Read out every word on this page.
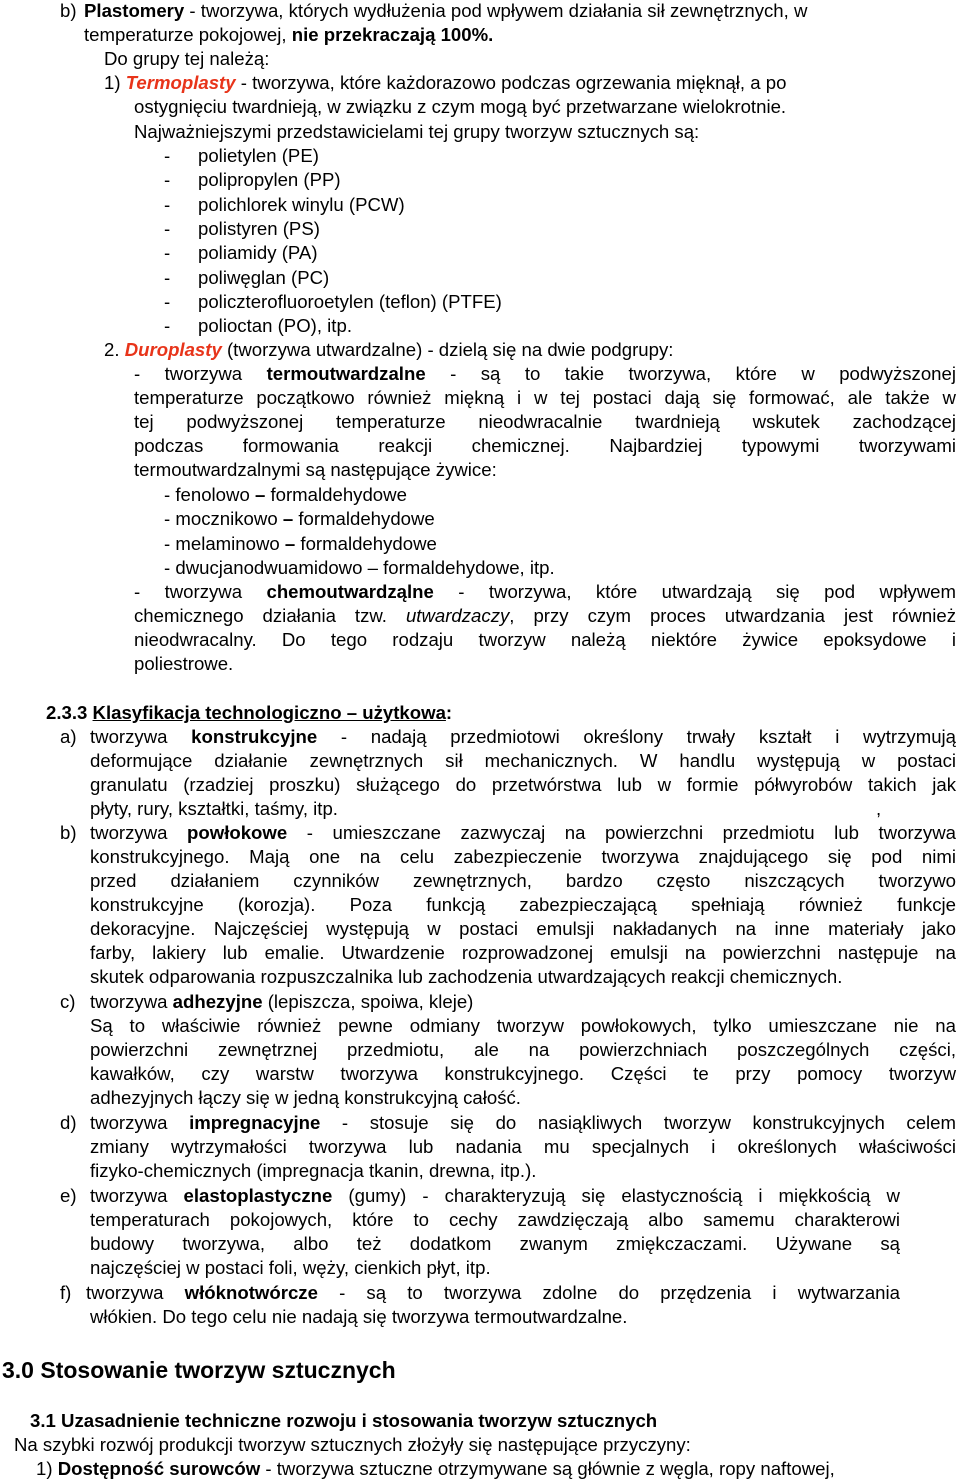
b) Plastomery - tworzywa, których wydłużenia pod wpływem działania sił zewnętrznych, w
temperaturze pokojowej, nie przekraczają 100%.
Do grupy tej należą:
1) Termoplasty - tworzywa, które każdorazowo podczas ogrzewania mięknął, a po
ostygnięciu twardnieją, w związku z czym mogą być przetwarzane wielokrotnie.
Najważniejszymi przedstawicielami tej grupy tworzyw sztucznych są:
- polietylen (PE)
- polipropylen (PP)
- polichlorek winylu (PCW)
- polistyren (PS)
- poliamidy (PA)
- poliwęglan (PC)
- policzterofluoroetylen (teflon) (PTFE)
- polioctan (PO), itp.
2. Duroplasty (tworzywa utwardzalne) - dzielą się na dwie podgrupy:
- tworzywa termoutwardzalne - są to takie tworzywa, które w podwyższonej
temperaturze początkowo również miękną i w tej postaci dają się formować, ale także w
tej podwyższonej temperaturze nieodwracalnie twardnieją wskutek zachodzącej
podczas formowania reakcji chemicznej. Najbardziej typowymi tworzywami
termoutwardzalnymi są następujące żywice:
- fenolowo – formaldehydowe
- mocznikowo – formaldehydowe
- melaminowo – formaldehydowe
- dwucjanodwuamidowo – formaldehydowe, itp.
- tworzywa chemoutwardząlne - tworzywa, które utwardzają się pod wpływem
chemicznego działania tzw. utwardzaczy, przy czym proces utwardzania jest również
nieodwracalny. Do tego rodzaju tworzyw należą niektóre żywice epoksydowe i
poliestrowe.
2.3.3 Klasyfikacja technologiczno – użytkowa:
a) tworzywa konstrukcyjne - nadają przedmiotowi określony trwały kształt i wytrzymują
deformujące działanie zewnętrznych sił mechanicznych. W handlu występują w postaci
granulatu (rzadziej proszku) służącego do przetwórstwa lub w formie półwyrobów takich jak
płyty, rury, kształtki, taśmy, itp.	,
b) tworzywa powłokowe - umieszczane zazwyczaj na powierzchni przedmiotu lub tworzywa
konstrukcyjnego. Mają one na celu zabezpieczenie tworzywa znajdującego się pod nimi
przed działaniem czynników zewnętrznych, bardzo często niszczących tworzywo
konstrukcyjne (korozja). Poza funkcją zabezpieczającą spełniają również funkcje
dekoracyjne. Najczęściej występują w postaci emulsji nakładanych na inne materiały jako
farby, lakiery lub emalie. Utwardzenie rozprowadzonej emulsji na powierzchni następuje na
skutek odparowania rozpuszczalnika lub zachodzenia utwardzających reakcji chemicznych.
c) tworzywa adhezyjne (lepiszcza, spoiwa, kleje)
Są to właściwie również pewne odmiany tworzyw powłokowych, tylko umieszczane nie na
powierzchni zewnętrznej przedmiotu, ale na powierzchniach poszczególnych części,
kawałków, czy warstw tworzywa konstrukcyjnego. Części te przy pomocy tworzyw
adhezyjnych łączy się w jedną konstrukcyjną całość.
d) tworzywa impregnacyjne - stosuje się do nasiąkliwych tworzyw konstrukcyjnych celem
zmiany wytrzymałości tworzywa lub nadania mu specjalnych i określonych właściwości
fizyko-chemicznych (impregnacja tkanin, drewna, itp.).
e) tworzywa elastoplastyczne (gumy) - charakteryzują się elastycznością i miękkością w
temperaturach pokojowych, które to cechy zawdzięczają albo samemu charakterowi
budowy tworzywa, albo też dodatkom zwanym zmiękczaczami. Używane są
najczęściej w postaci foli, węży, cienkich płyt, itp.
f) tworzywa włóknotwórcze - są to tworzywa zdolne do przędzenia i wytwarzania
włókien. Do tego celu nie nadają się tworzywa termoutwardzalne.
3.0 Stosowanie tworzyw sztucznych
3.1 Uzasadnienie techniczne rozwoju i stosowania tworzyw sztucznych
Na szybki rozwój produkcji tworzyw sztucznych złożyły się następujące przyczyny:
1) Dostępność surowców - tworzywa sztuczne otrzymywane są głównie z węgla, ropy naftowej,
